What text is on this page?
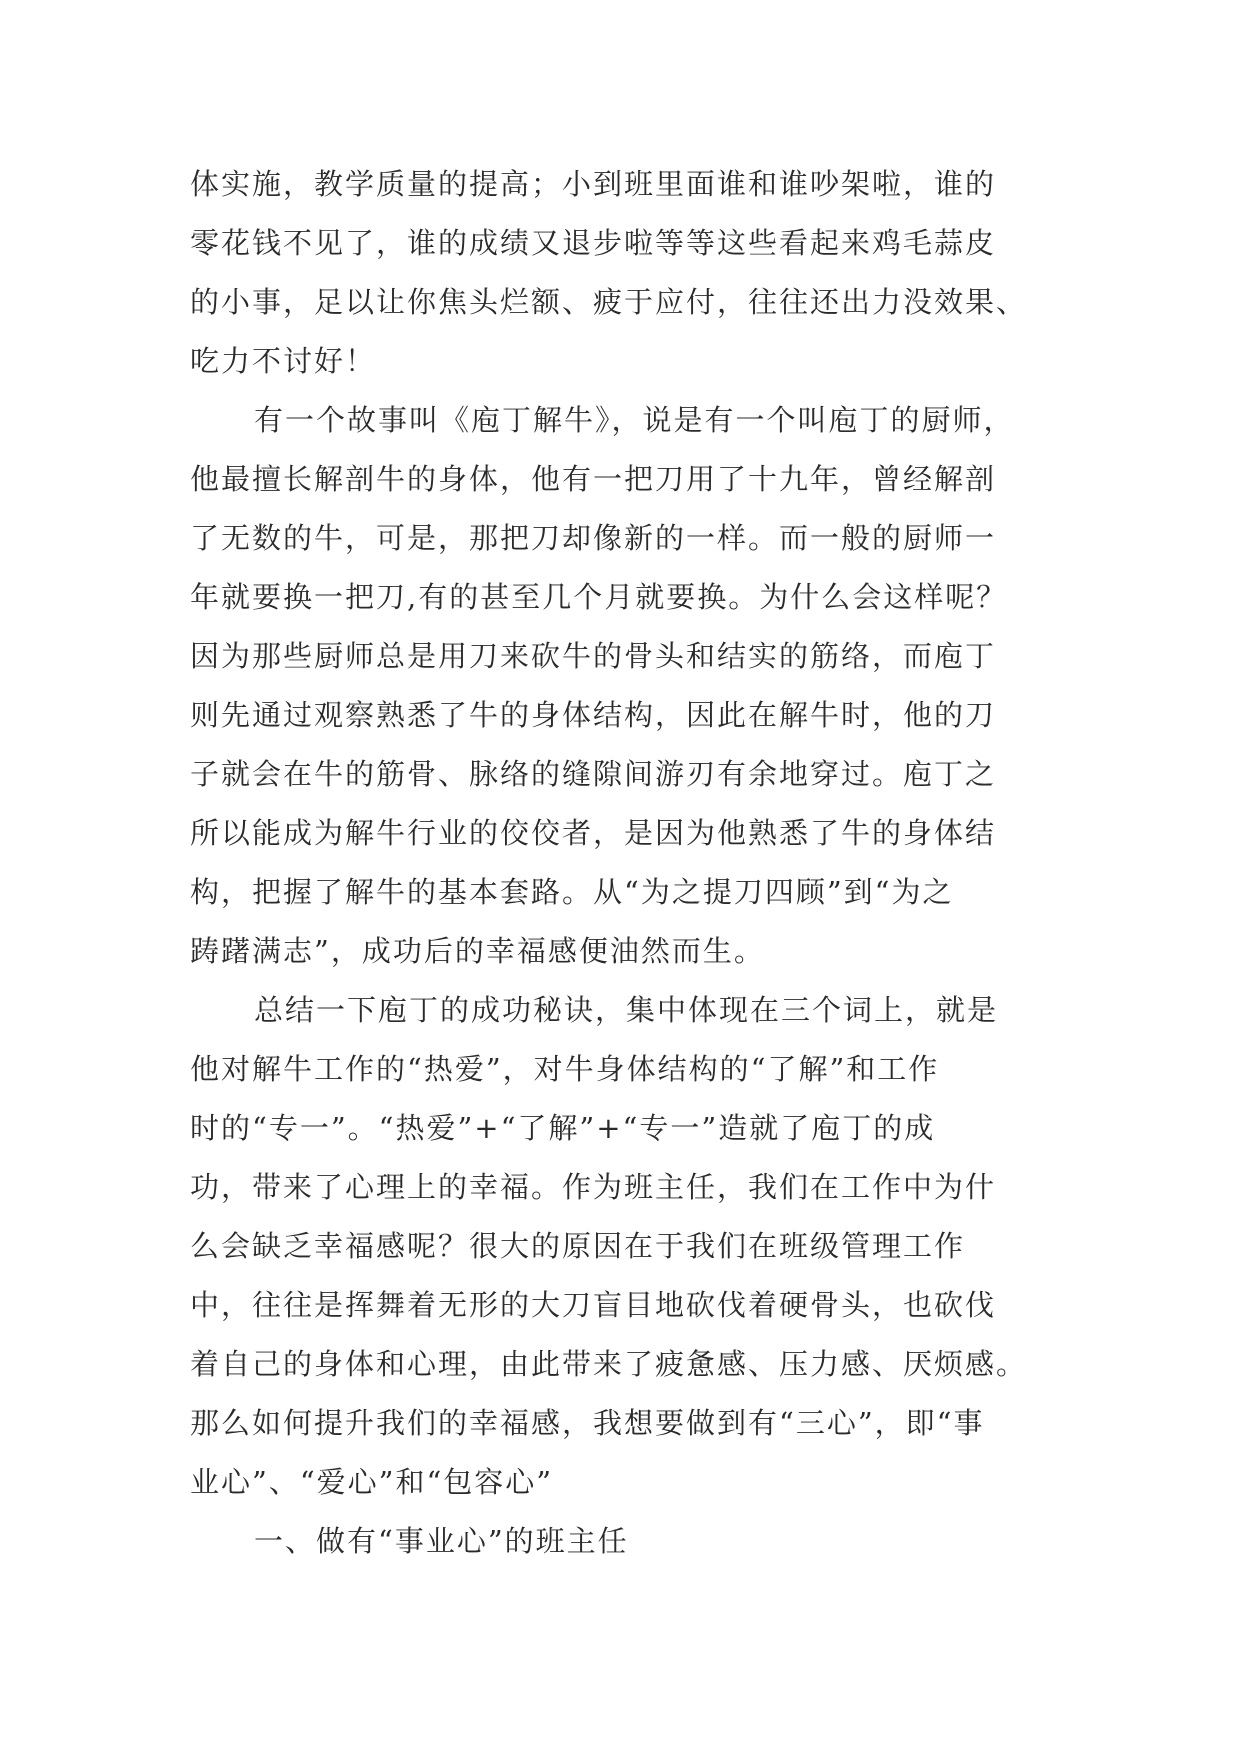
体实施，教学质量的提高；小到班里面谁和谁吵架啦，谁的
零花钱不见了，谁的成绩又退步啦等等这些看起来鸡毛蒜皮
的小事，足以让你焦头烂额、疲于应付，往往还出力没效果、
吃力不讨好！
有一个故事叫《庖丁解牛》，说是有一个叫庖丁的厨师，
他最擅长解剖牛的身体，他有一把刀用了十九年，曾经解剖
了无数的牛，可是，那把刀却像新的一样。而一般的厨师一
年就要换一把刀,有的甚至几个月就要换。为什么会这样呢？
因为那些厨师总是用刀来砍牛的骨头和结实的筋络，而庖丁
则先通过观察熟悉了牛的身体结构，因此在解牛时，他的刀
子就会在牛的筋骨、脉络的缝隙间游刃有余地穿过。庖丁之
所以能成为解牛行业的佼佼者，是因为他熟悉了牛的身体结
构，把握了解牛的基本套路。从“为之提刀四顾”到“为之
踌躇满志”，成功后的幸福感便油然而生。
总结一下庖丁的成功秘诀，集中体现在三个词上，就是
他对解牛工作的“热爱”，对牛身体结构的“了解”和工作
时的“专一”。“热爱”+“了解”+“专一”造就了庖丁的成
功，带来了心理上的幸福。作为班主任，我们在工作中为什
么会缺乏幸福感呢？很大的原因在于我们在班级管理工作
中，往往是挥舞着无形的大刀盲目地砍伐着硬骨头，也砍伐
着自己的身体和心理，由此带来了疲惫感、压力感、厌烦感。
那么如何提升我们的幸福感，我想要做到有“三心”，即“事
业心”、“爱心”和“包容心”
一、做有“事业心”的班主任
